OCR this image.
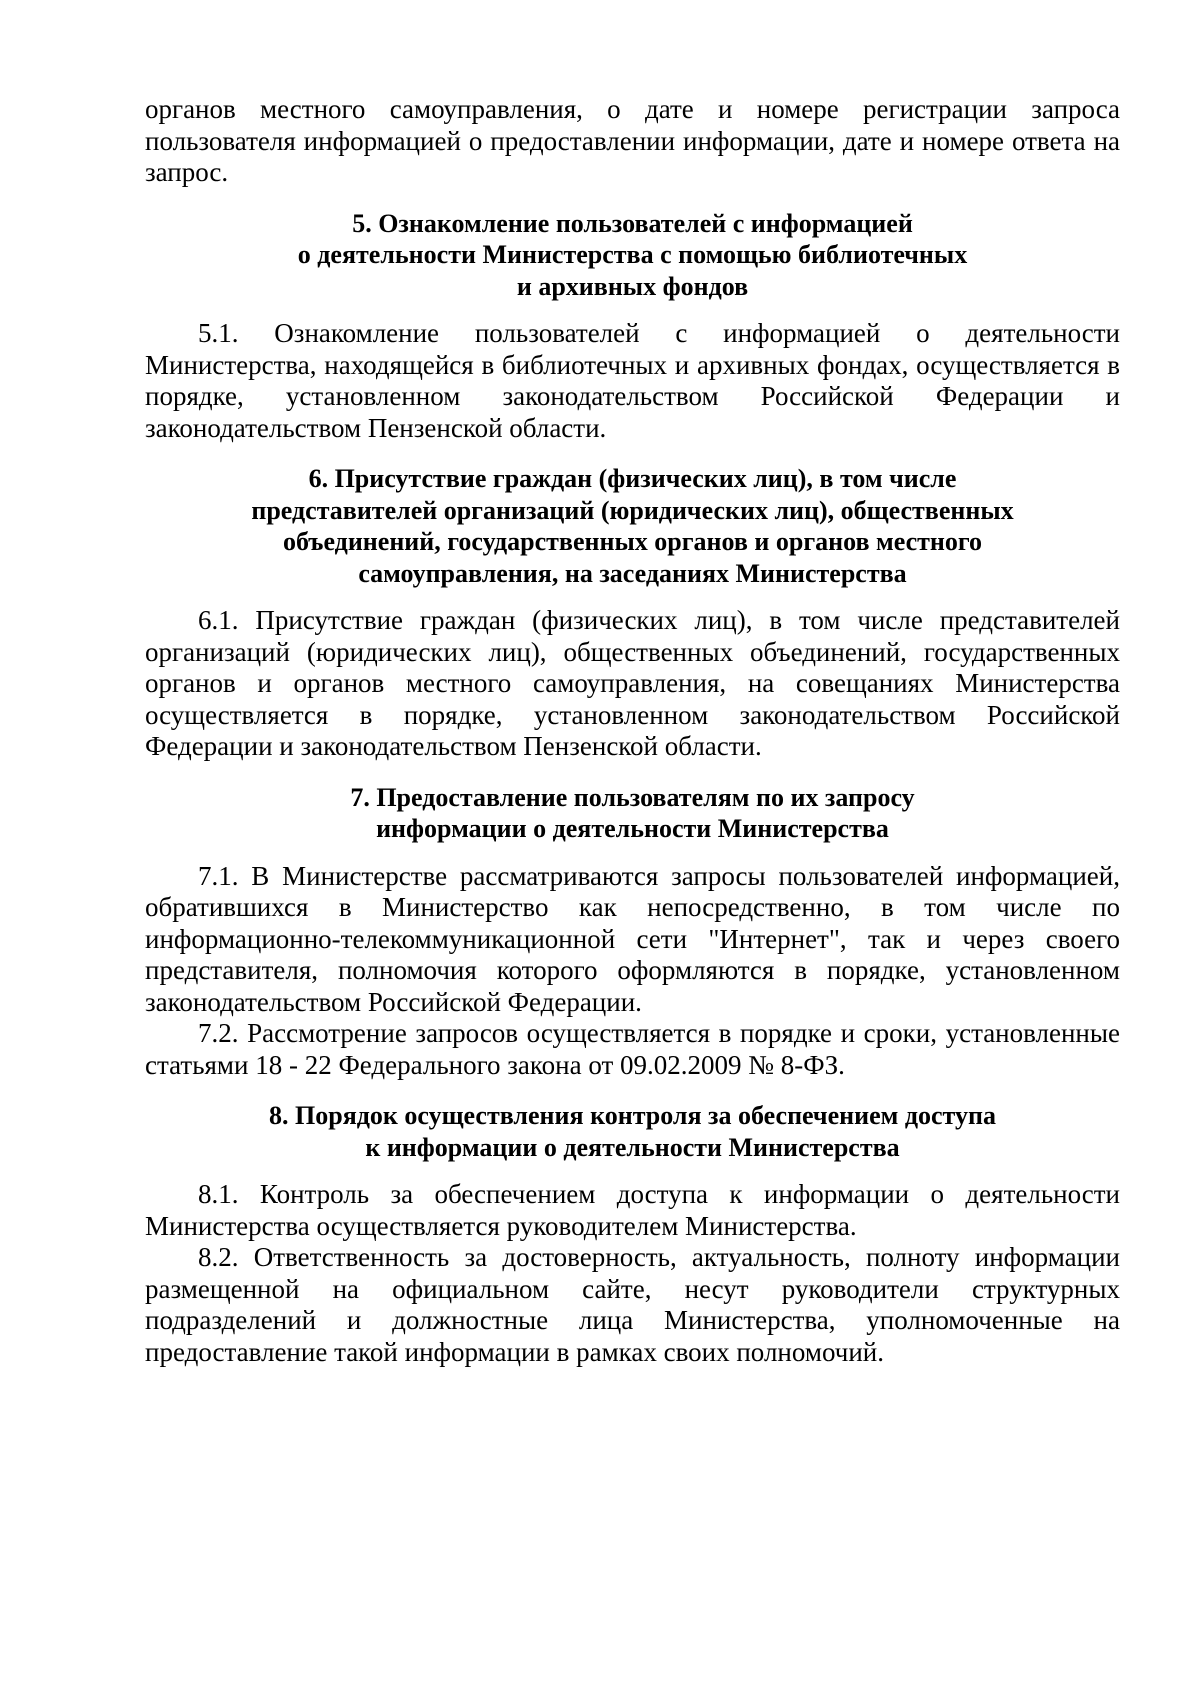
органов местного самоуправления, о дате и номере регистрации запроса пользователя информацией о предоставлении информации, дате и номере ответа на запрос.

5. Ознакомление пользователей с информацией
о деятельности Министерства с помощью библиотечных
и архивных фондов

5.1. Ознакомление пользователей с информацией о деятельности Министерства, находящейся в библиотечных и архивных фондах, осуществляется в порядке, установленном законодательством Российской Федерации и законодательством Пензенской области.

6. Присутствие граждан (физических лиц), в том числе
представителей организаций (юридических лиц), общественных
объединений, государственных органов и органов местного
самоуправления, на заседаниях Министерства

6.1. Присутствие граждан (физических лиц), в том числе представителей организаций (юридических лиц), общественных объединений, государственных органов и органов местного самоуправления, на совещаниях Министерства осуществляется в порядке, установленном законодательством Российской Федерации и законодательством Пензенской области.

7. Предоставление пользователям по их запросу
информации о деятельности Министерства

7.1. В Министерстве рассматриваются запросы пользователей информацией, обратившихся в Министерство как непосредственно, в том числе по информационно-телекоммуникационной сети "Интернет", так и через своего представителя, полномочия которого оформляются в порядке, установленном законодательством Российской Федерации.

7.2. Рассмотрение запросов осуществляется в порядке и сроки, установленные статьями 18 - 22 Федерального закона от 09.02.2009 № 8-ФЗ.

8. Порядок осуществления контроля за обеспечением доступа
к информации о деятельности Министерства

8.1. Контроль за обеспечением доступа к информации о деятельности Министерства осуществляется руководителем Министерства.

8.2. Ответственность за достоверность, актуальность, полноту информации размещенной на официальном сайте, несут руководители структурных подразделений и должностные лица Министерства, уполномоченные на предоставление такой информации в рамках своих полномочий.
